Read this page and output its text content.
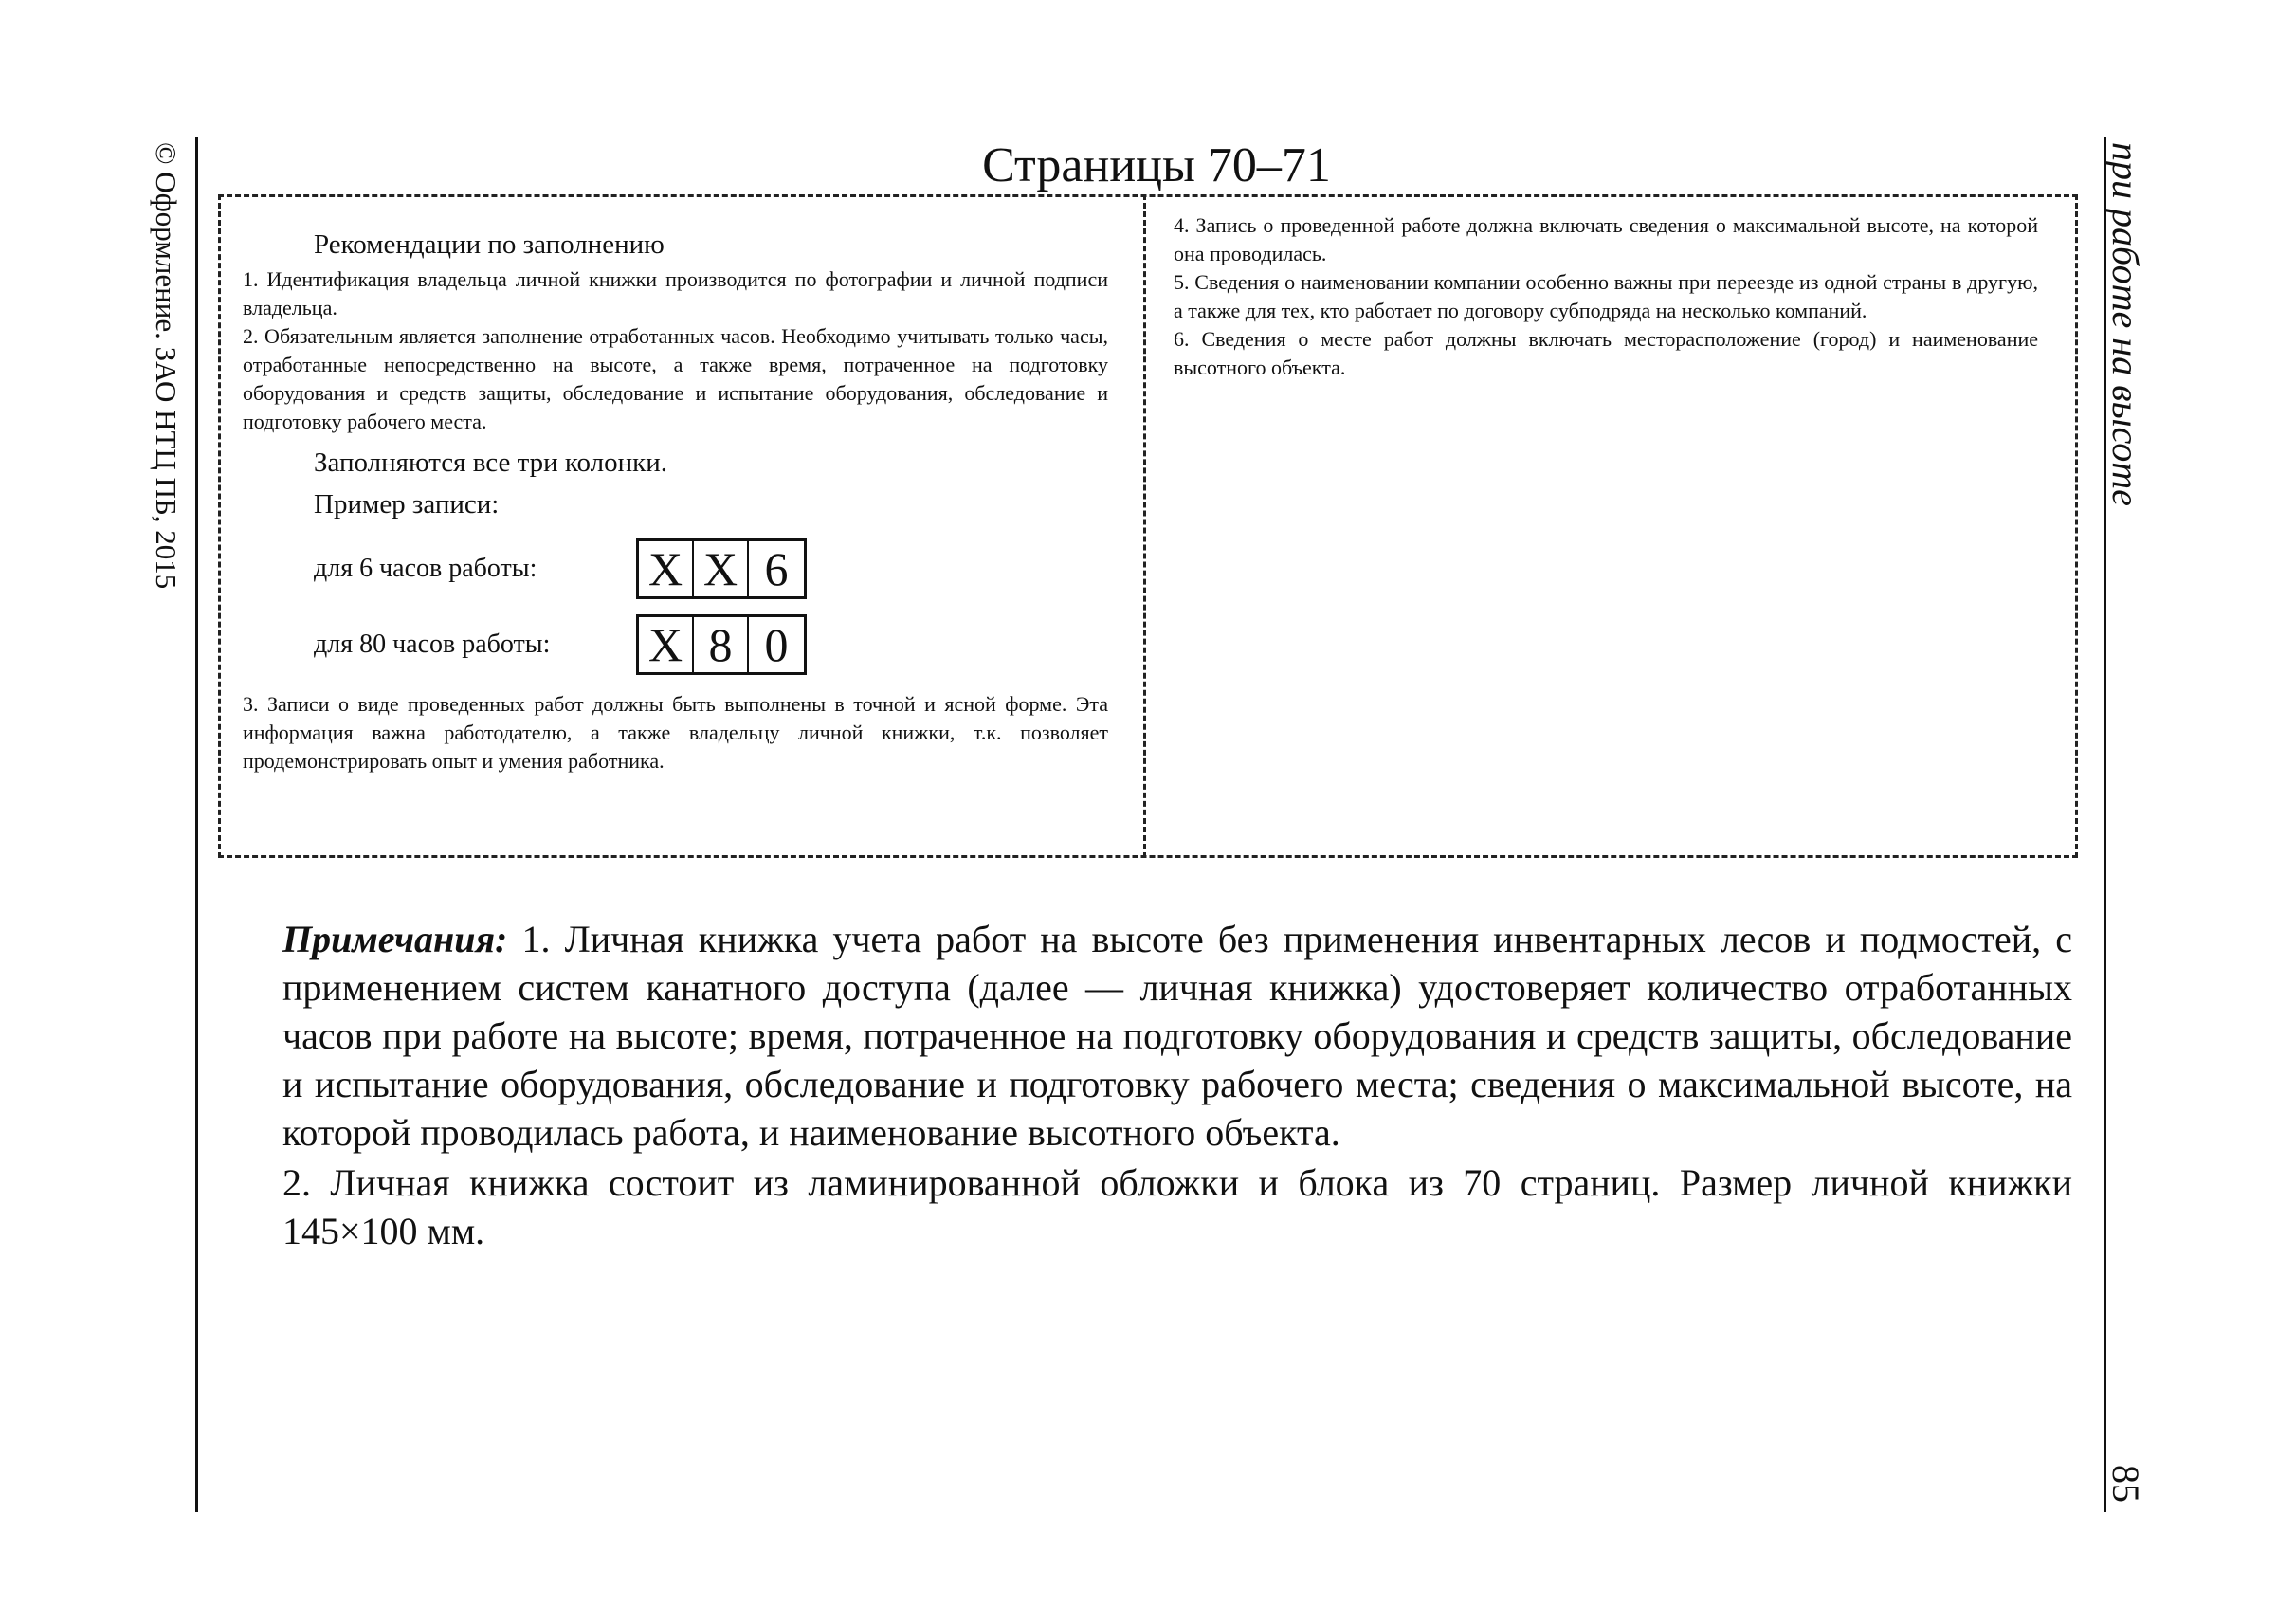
© Оформление. ЗАО НТЦ ПБ, 2015	при работе на высоте
85
Страницы 70–71

Рекомендации по заполнению

1. Идентификация владельца личной книжки производится по фотографии и личной подписи владельца.

2. Обязательным является заполнение отработанных часов. Необходимо учитывать только часы, отработанные непосредственно на высоте, а также время, потраченное на подготовку оборудования и средств защиты, обследование и испытание оборудования, обследование и подготовку рабочего места.

Заполняются все три колонки.

Пример записи:

для 6 часов работы:	X X 6
для 80 часов работы:	X 8 0

3. Записи о виде проведенных работ должны быть выполнены в точной и ясной форме. Эта информация важна работодателю, а также владельцу личной книжки, т.к. позволяет продемонстрировать опыт и умения работника.

4. Запись о проведенной работе должна включать сведения о максимальной высоте, на которой она проводилась.

5. Сведения о наименовании компании особенно важны при переезде из одной страны в другую, а также для тех, кто работает по договору субподряда на несколько компаний.

6. Сведения о месте работ должны включать месторасположение (город) и наименование высотного объекта.

Примечания: 1. Личная книжка учета работ на высоте без применения инвентарных лесов и подмостей, с применением систем канатного доступа (далее — личная книжка) удостоверяет количество отработанных часов при работе на высоте; время, потраченное на подготовку оборудования и средств защиты, обследование и испытание оборудования, обследование и подготовку рабочего места; сведения о максимальной высоте, на которой проводилась работа, и наименование высотного объекта.

2. Личная книжка состоит из ламинированной обложки и блока из 70 страниц. Размер личной книжки 145×100 мм.
